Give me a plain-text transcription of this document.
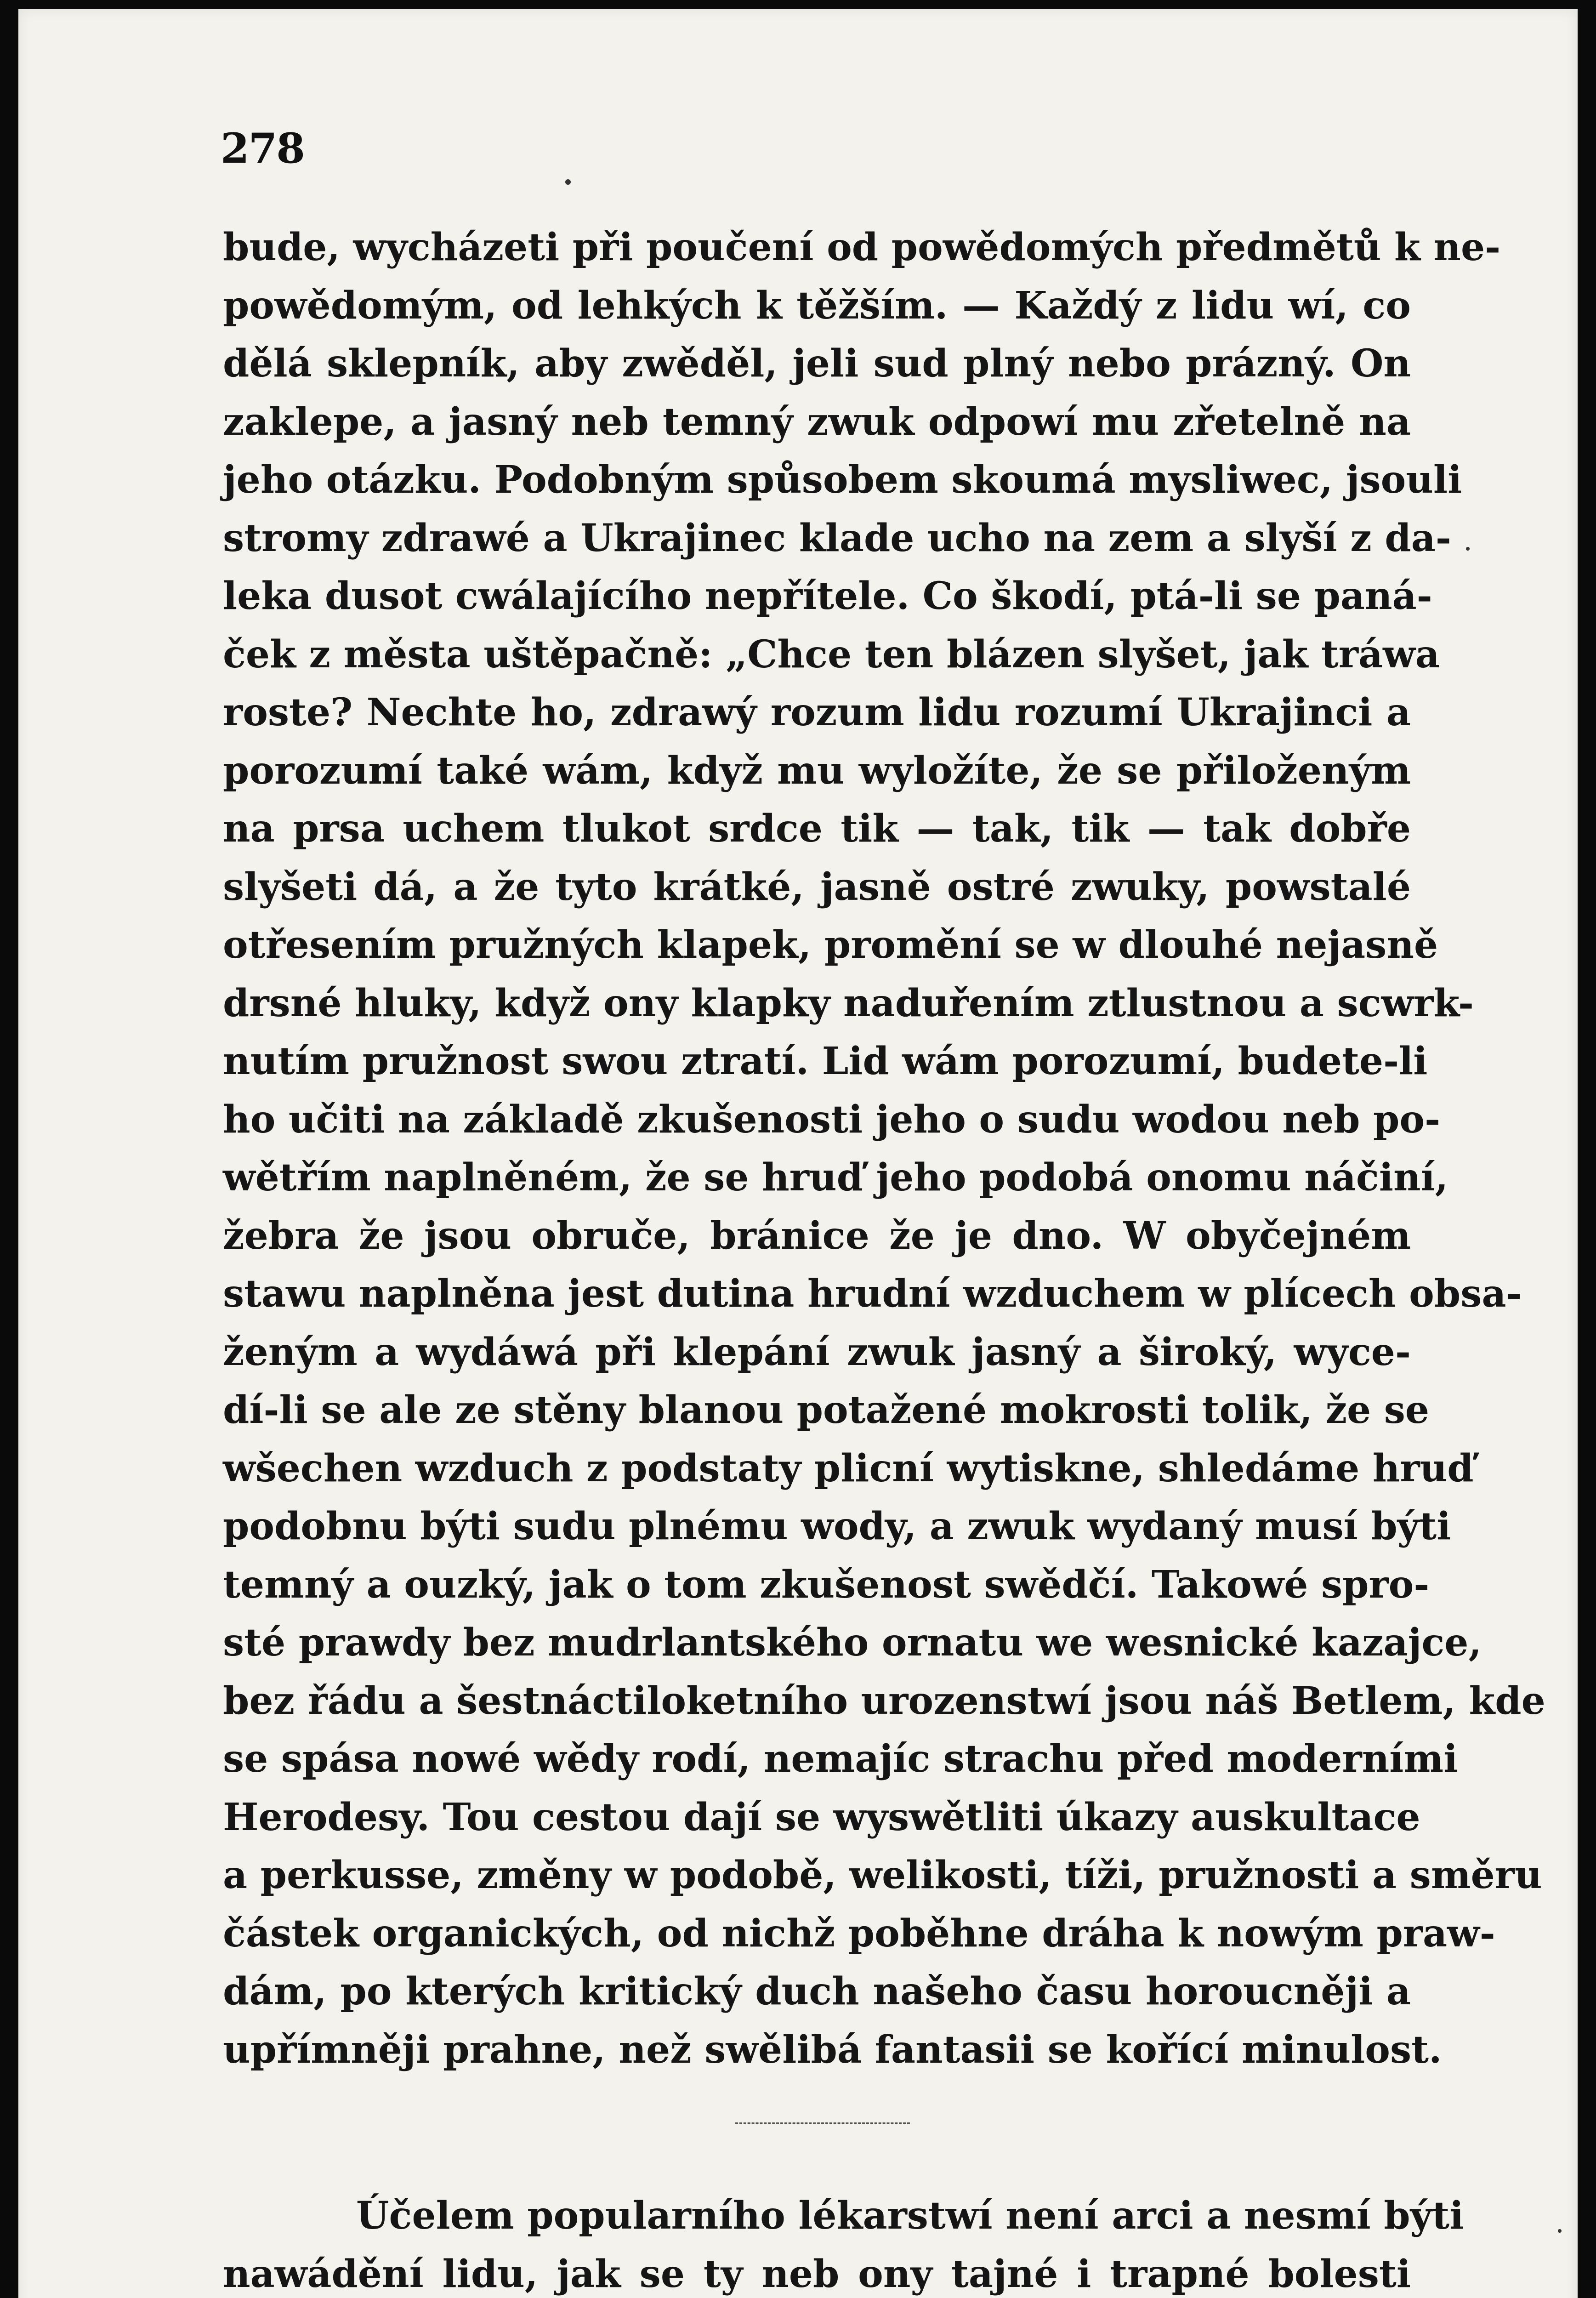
278
bude, wycházeti při poučení od powědomých předmětů k ne-
powědomým, od lehkých k těžším. — Každý z lidu wí, co
dělá sklepník, aby zwěděl, jeli sud plný nebo prázný. On
zaklepe, a jasný neb temný zwuk odpowí mu zřetelně na
jeho otázku. Podobným spůsobem skoumá mysliwec, jsouli
stromy zdrawé a Ukrajinec klade ucho na zem a slyší z da-
leka dusot cwálajícího nepřítele. Co škodí, ptá-li se paná-
ček z města uštěpačně: „Chce ten blázen slyšet, jak tráwa
roste? Nechte ho, zdrawý rozum lidu rozumí Ukrajinci a
porozumí také wám, když mu wyložíte, že se přiloženým
na prsa uchem tlukot srdce tik — tak, tik — tak dobře
slyšeti dá, a že tyto krátké, jasně ostré zwuky, powstalé
otřesením pružných klapek, promění se w dlouhé nejasně
drsné hluky, když ony klapky naduřením ztlustnou a scwrk-
nutím pružnost swou ztratí. Lid wám porozumí, budete-li
ho učiti na základě zkušenosti jeho o sudu wodou neb po-
wětřím naplněném, že se hruď jeho podobá onomu náčiní,
žebra že jsou obruče, bránice že je dno. W obyčejném
stawu naplněna jest dutina hrudní wzduchem w plícech obsa-
ženým a wydáwá při klepání zwuk jasný a široký, wyce-
dí-li se ale ze stěny blanou potažené mokrosti tolik, že se
wšechen wzduch z podstaty plicní wytiskne, shledáme hruď
podobnu býti sudu plnému wody, a zwuk wydaný musí býti
temný a ouzký, jak o tom zkušenost swědčí. Takowé spro-
sté prawdy bez mudrlantského ornatu we wesnické kazajce,
bez řádu a šestnáctiloketního urozenstwí jsou náš Betlem, kde
se spása nowé wědy rodí, nemajíc strachu před moderními
Herodesy. Tou cestou dají se wyswětliti úkazy auskultace
a perkusse, změny w podobě, welikosti, tíži, pružnosti a směru
částek organických, od nichž poběhne dráha k nowým praw-
dám, po kterých kritický duch našeho času horoucněji a
upřímněji prahne, než swělibá fantasii se kořící minulost.
Účelem popularního lékarstwí není arci a nesmí býti
nawádění lidu, jak se ty neb ony tajné i trapné bolesti
